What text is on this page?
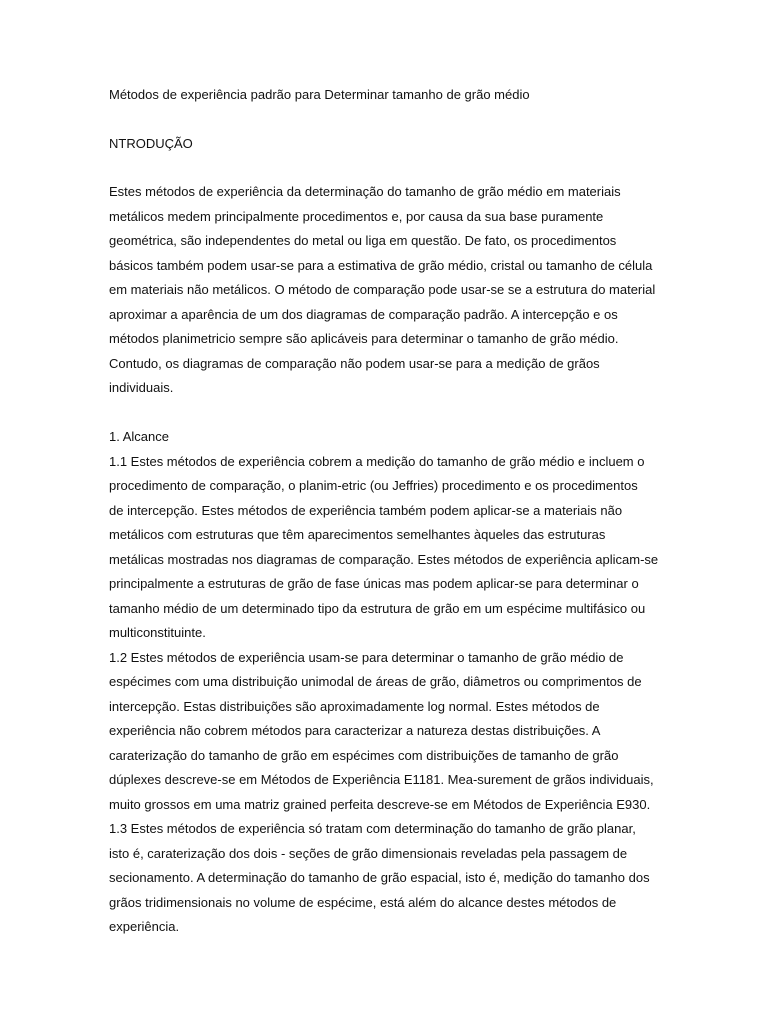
Métodos de experiência padrão para Determinar tamanho de grão médio
NTRODUÇÃO
Estes métodos de experiência da determinação do tamanho de grão médio em materiais
metálicos medem principalmente procedimentos e, por causa da sua base puramente
geométrica, são independentes do metal ou liga em questão. De fato, os procedimentos
básicos também podem usar-se para a estimativa de grão médio, cristal ou tamanho de célula
em materiais não metálicos. O método de comparação pode usar-se se a estrutura do material
aproximar a aparência de um dos diagramas de comparação padrão. A intercepção e os
métodos planimetricio sempre são aplicáveis para determinar o tamanho de grão médio.
Contudo, os diagramas de comparação não podem usar-se para a medição de grãos
individuais.
1. Alcance
1.1 Estes métodos de experiência cobrem a medição do tamanho de grão médio e incluem o
procedimento de comparação, o planim-etric (ou Jeffries) procedimento e os procedimentos
de intercepção. Estes métodos de experiência também podem aplicar-se a materiais não
metálicos com estruturas que têm aparecimentos semelhantes àqueles das estruturas
metálicas mostradas nos diagramas de comparação. Estes métodos de experiência aplicam-se
principalmente a estruturas de grão de fase únicas mas podem aplicar-se para determinar o
tamanho médio de um determinado tipo da estrutura de grão em um espécime multifásico ou
multiconstituinte.
1.2 Estes métodos de experiência usam-se para determinar o tamanho de grão médio de
espécimes com uma distribuição unimodal de áreas de grão, diâmetros ou comprimentos de
intercepção. Estas distribuições são aproximadamente log normal. Estes métodos de
experiência não cobrem métodos para caracterizar a natureza destas distribuições. A
caraterização do tamanho de grão em espécimes com distribuições de tamanho de grão
dúplexes descreve-se em Métodos de Experiência E1181. Mea-surement de grãos individuais,
muito grossos em uma matriz grained perfeita descreve-se em Métodos de Experiência E930.
1.3 Estes métodos de experiência só tratam com determinação do tamanho de grão planar,
isto é, caraterização dos dois - seções de grão dimensionais reveladas pela passagem de
secionamento. A determinação do tamanho de grão espacial, isto é, medição do tamanho dos
grãos tridimensionais no volume de espécime, está além do alcance destes métodos de
experiência.
